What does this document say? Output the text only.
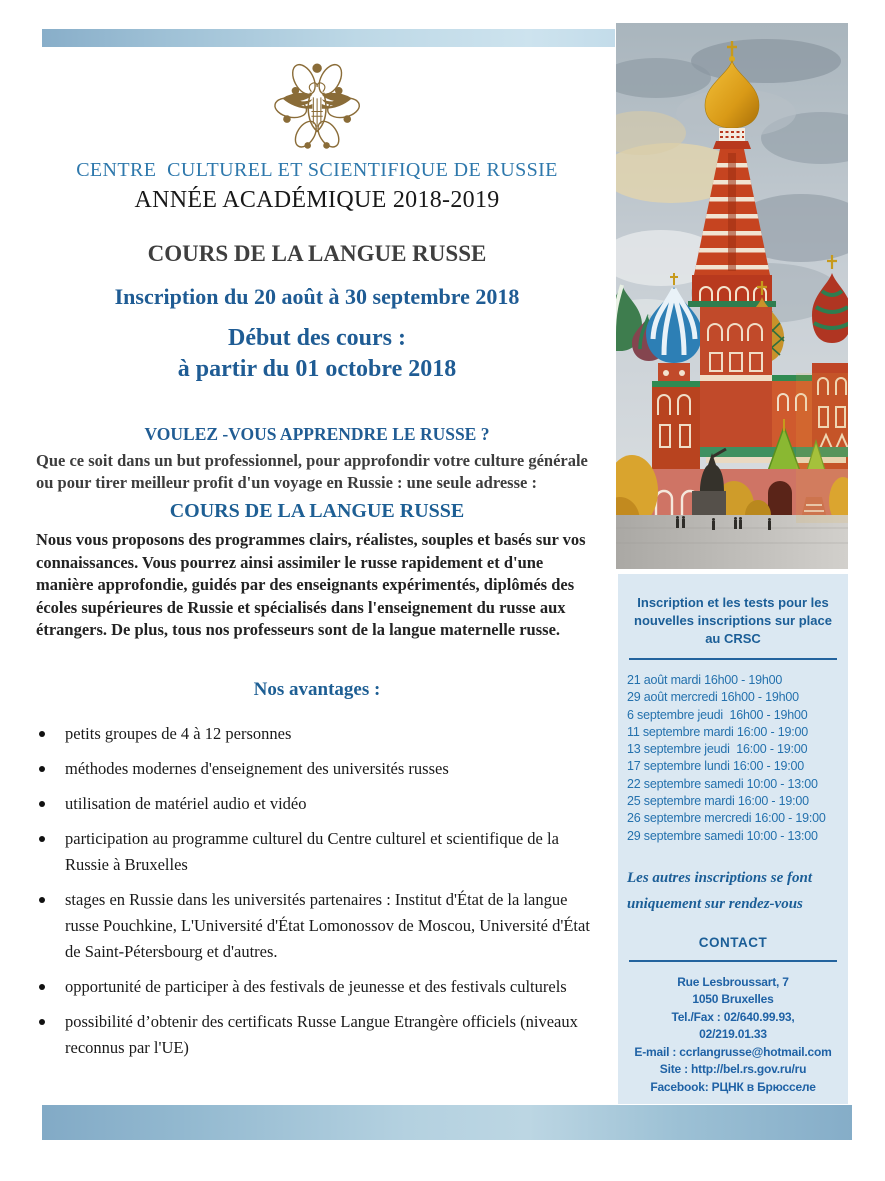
CENTRE  CULTUREL ET SCIENTIFIQUE DE RUSSIE
ANNÉE ACADÉMIQUE 2018-2019
COURS DE LA LANGUE RUSSE
Inscription du 20 août à 30 septembre 2018
Début des cours :
à partir du 01 octobre 2018
VOULEZ -VOUS APPRENDRE LE RUSSE ?
Que ce soit dans un but professionnel, pour approfondir votre culture générale ou pour tirer meilleur profit d'un voyage en Russie : une seule adresse :
COURS DE LA LANGUE RUSSE
Nous vous proposons des programmes clairs, réalistes, souples et basés sur vos connaissances. Vous pourrez ainsi assimiler le russe rapidement et d'une manière approfondie, guidés par des enseignants expérimentés, diplômés des écoles supérieures de Russie et spécialisés dans l'enseignement du russe aux étrangers. De plus, tous nos professeurs sont de la langue maternelle russe.
Nos avantages :
petits groupes de 4 à 12 personnes
méthodes modernes d'enseignement des universités russes
utilisation de matériel audio et vidéo
participation au programme culturel du Centre culturel et scientifique de la Russie à Bruxelles
stages en Russie dans les universités partenaires : Institut d'État de la langue russe Pouchkine, L'Université d'État Lomonossov de Moscou, Université d'État de Saint-Pétersbourg et d'autres.
opportunité de participer à des festivals de jeunesse et des festivals culturels
possibilité d’obtenir des certificats Russe Langue Etrangère officiels (niveaux reconnus par l'UE)
Inscription et les tests pour les nouvelles inscriptions sur place au CRSC
21 août mardi 16h00 - 19h00
29 août mercredi 16h00 - 19h00
6 septembre jeudi  16h00 - 19h00
11 septembre mardi 16:00 - 19:00
13 septembre jeudi  16:00 - 19:00
17 septembre lundi 16:00 - 19:00
22 septembre samedi 10:00 - 13:00
25 septembre mardi 16:00 - 19:00
26 septembre mercredi 16:00 - 19:00
29 septembre samedi 10:00 - 13:00
Les autres inscriptions se font
uniquement sur rendez-vous
CONTACT
Rue Lesbroussart, 7
1050 Bruxelles
Tel./Fax : 02/640.99.93,
02/219.01.33
E-mail : ccrlangrusse@hotmail.com
Site : http://bel.rs.gov.ru/ru
Facebook: РЦНК в Брюсселе
